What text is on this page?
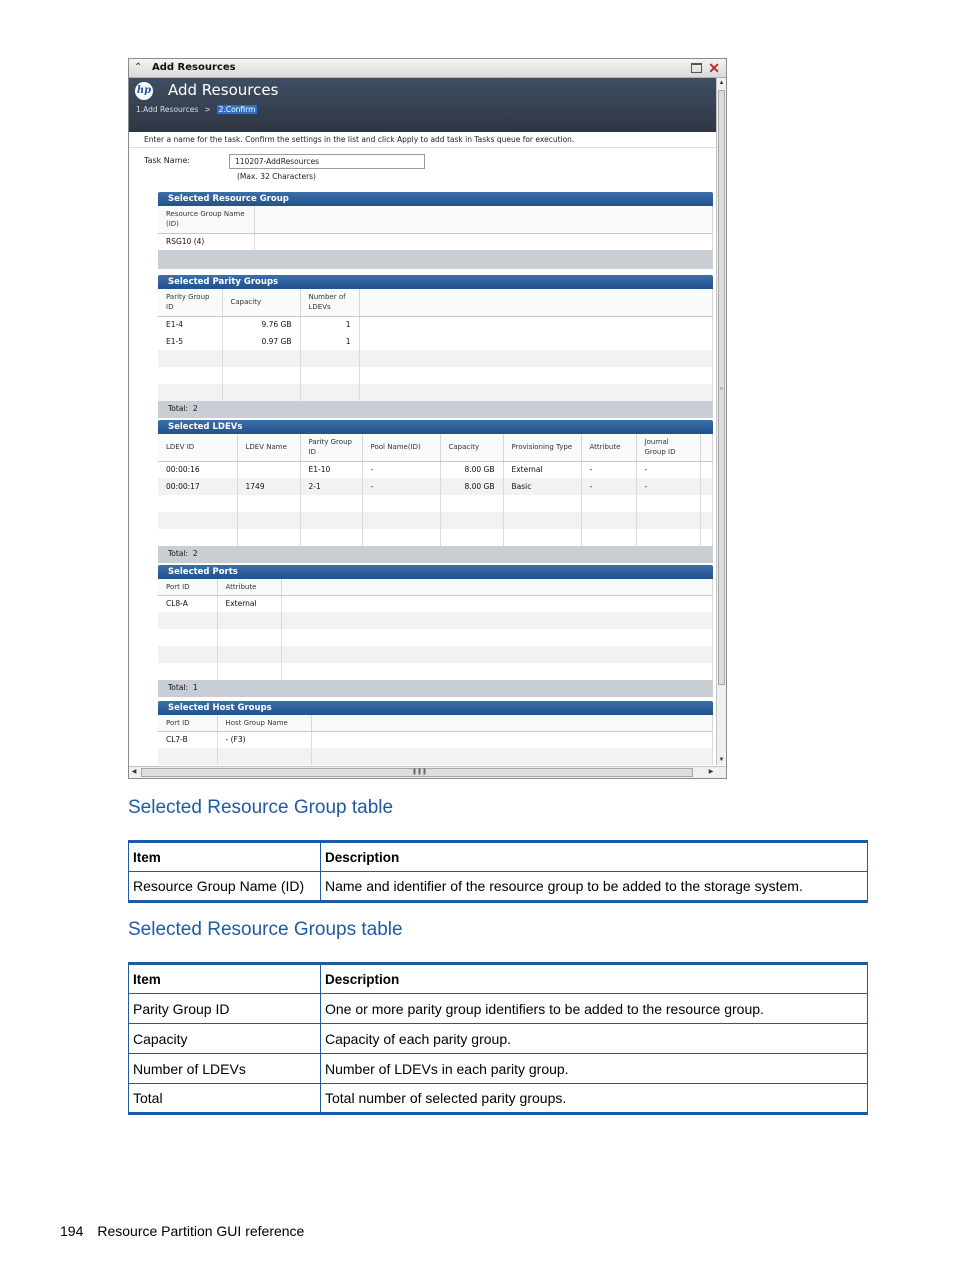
⌃ Add Resources	✕
hp Add Resources
1.Add Resources > 2.Confirm
Enter a name for the task. Confirm the settings in the list and click Apply to add task in Tasks queue for execution.
Task Name:	110207-AddResources
(Max. 32 Characters)
Selected Resource Group
Resource Group Name (ID)	
RSG10 (4)	
Selected Parity Groups
Parity Group ID	Capacity	Number of LDEVs	
E1-4	9.76 GB	1	
E1-5	0.97 GB	1	

Total: 2
Selected LDEVs
LDEV ID	LDEV Name	Parity Group ID	Pool Name(ID)	Capacity	Provisioning Type	Attribute	Journal Group ID	
00:00:16		E1-10	-	8.00 GB	External	-	-	
00:00:17	1749	2-1	-	8.00 GB	Basic	-	-	

Total: 2
Selected Ports
Port ID	Attribute	
CL8-A	External	

Total: 1
Selected Host Groups
Port ID	Host Group Name	
CL7-B	- (F3)	

▲
≡
▼
◀	❚❚❚	▶
Selected Resource Group table
Item	Description
Resource Group Name (ID)	Name and identifier of the resource group to be added to the storage system.
Selected Resource Groups table
Item	Description
Parity Group ID	One or more parity group identifiers to be added to the resource group.
Capacity	Capacity of each parity group.
Number of LDEVs	Number of LDEVs in each parity group.
Total	Total number of selected parity groups.
194 Resource Partition GUI reference
